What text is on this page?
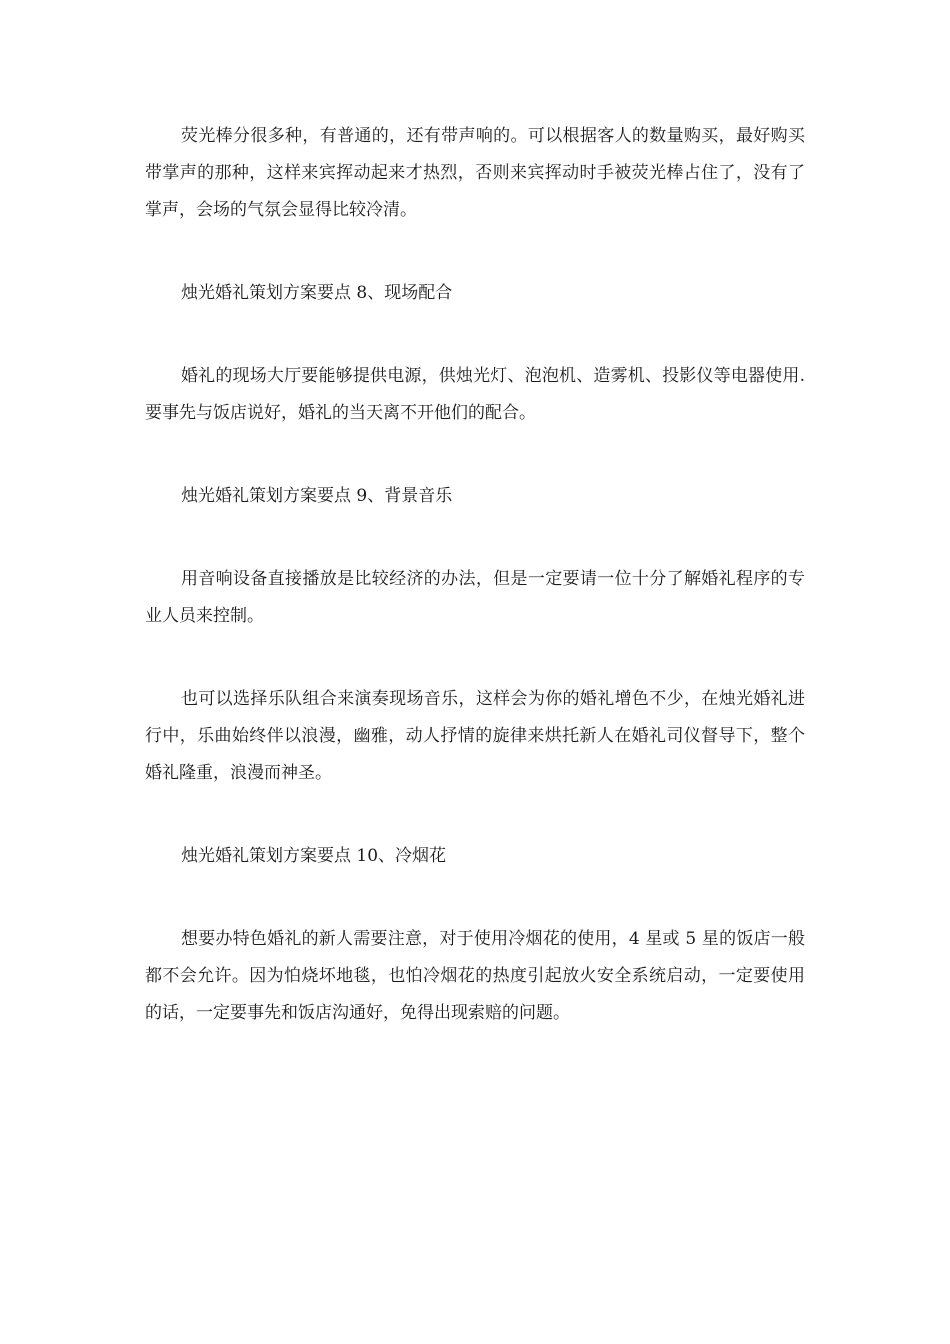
荧光棒分很多种，有普通的，还有带声响的。可以根据客人的数量购买，最好购买带掌声的那种，这样来宾挥动起来才热烈，否则来宾挥动时手被荧光棒占住了，没有了掌声，会场的气氛会显得比较冷清。

烛光婚礼策划方案要点 8、现场配合

婚礼的现场大厅要能够提供电源，供烛光灯、泡泡机、造雾机、投影仪等电器使用.要事先与饭店说好，婚礼的当天离不开他们的配合。

烛光婚礼策划方案要点 9、背景音乐

用音响设备直接播放是比较经济的办法，但是一定要请一位十分了解婚礼程序的专业人员来控制。

也可以选择乐队组合来演奏现场音乐，这样会为你的婚礼增色不少，在烛光婚礼进行中，乐曲始终伴以浪漫，幽雅，动人抒情的旋律来烘托新人在婚礼司仪督导下，整个婚礼隆重，浪漫而神圣。

烛光婚礼策划方案要点 10、冷烟花

想要办特色婚礼的新人需要注意，对于使用冷烟花的使用，4 星或 5 星的饭店一般都不会允许。因为怕烧坏地毯，也怕冷烟花的热度引起放火安全系统启动，一定要使用的话，一定要事先和饭店沟通好，免得出现索赔的问题。
